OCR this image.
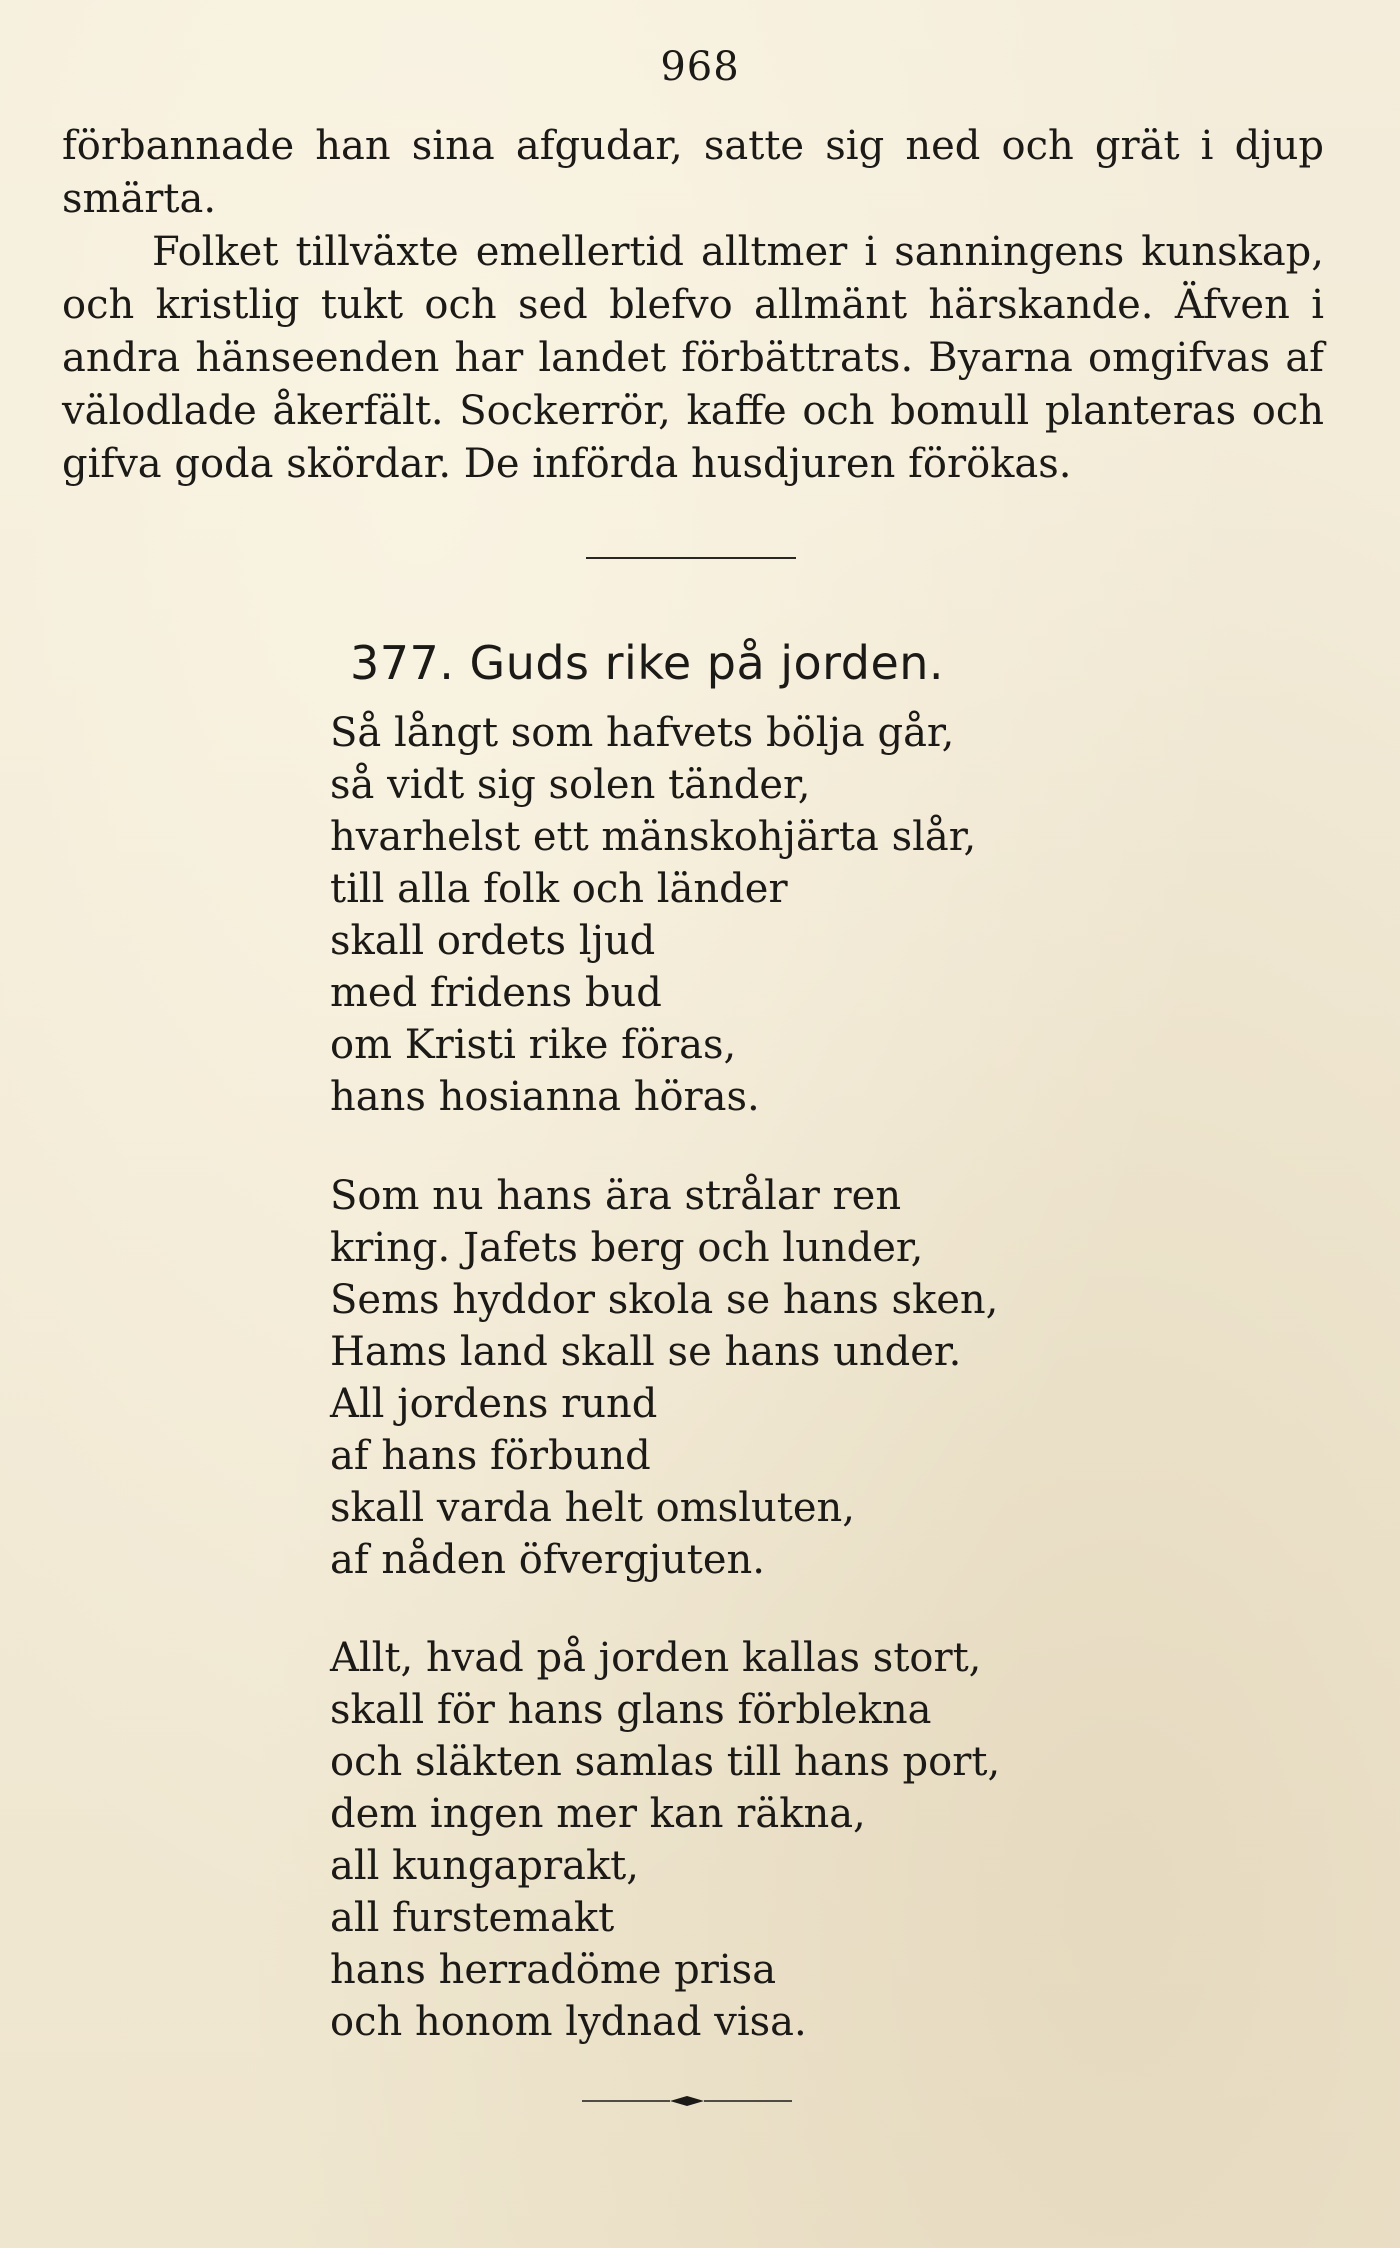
968

förbannade han sina afgudar, satte sig ned och grät i djup smärta.

Folket tillväxte emellertid alltmer i sanningens kunskap, och kristlig tukt och sed blefvo allmänt härskande. Äfven i andra hänseenden har landet förbättrats. Byarna omgifvas af välodlade åkerfält. Sockerrör, kaffe och bomull planteras och gifva goda skördar. De införda husdjuren förökas.

377. Guds rike på jorden.
Så långt som hafvets bölja går,
så vidt sig solen tänder,
hvarhelst ett mänskohjärta slår,
till alla folk och länder
skall ordets ljud
med fridens bud
om Kristi rike föras,
hans hosianna höras.
Som nu hans ära strålar ren
kring. Jafets berg och lunder,
Sems hyddor skola se hans sken,
Hams land skall se hans under.
All jordens rund
af hans förbund
skall varda helt omsluten,
af nåden öfvergjuten.
Allt, hvad på jorden kallas stort,
skall för hans glans förblekna
och släkten samlas till hans port,
dem ingen mer kan räkna,
all kungaprakt,
all furstemakt
hans herradöme prisa
och honom lydnad visa.
